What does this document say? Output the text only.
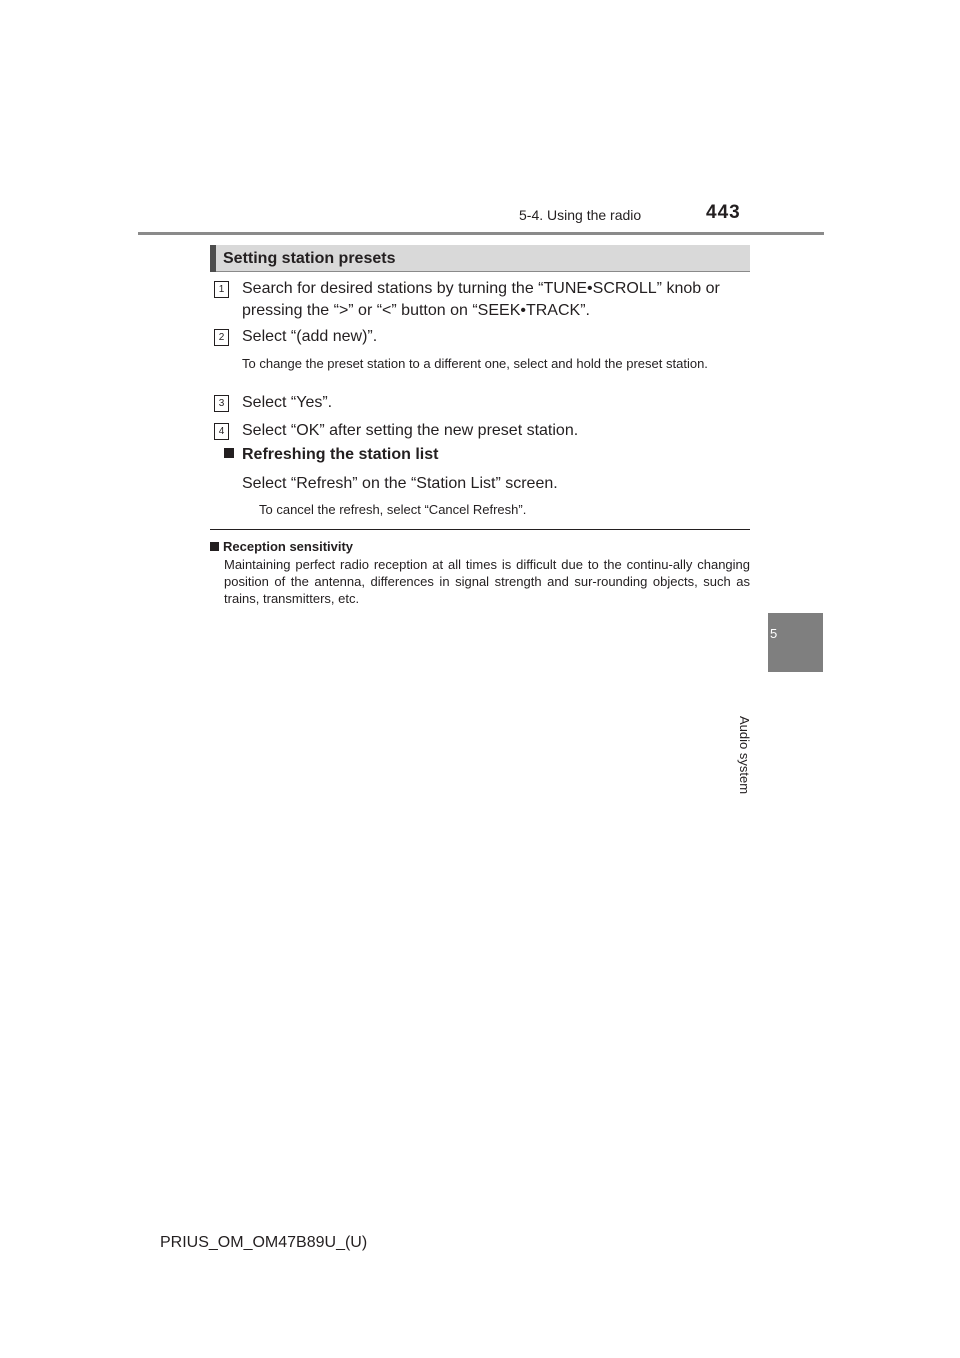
5-4. Using the radio	443
5
Audio system
Setting station presets
1 Search for desired stations by turning the “TUNE•SCROLL” knob or pressing the “>” or “<” button on “SEEK•TRACK”.
2 Select “(add new)”.
To change the preset station to a different one, select and hold the preset station.
3 Select “Yes”.
4 Select “OK” after setting the new preset station.
Refreshing the station list
Select “Refresh” on the “Station List” screen.
To cancel the refresh, select “Cancel Refresh”.
Reception sensitivity
Maintaining perfect radio reception at all times is difficult due to the continu-ally changing position of the antenna, differences in signal strength and sur-rounding objects, such as trains, transmitters, etc.
PRIUS_OM_OM47B89U_(U)
